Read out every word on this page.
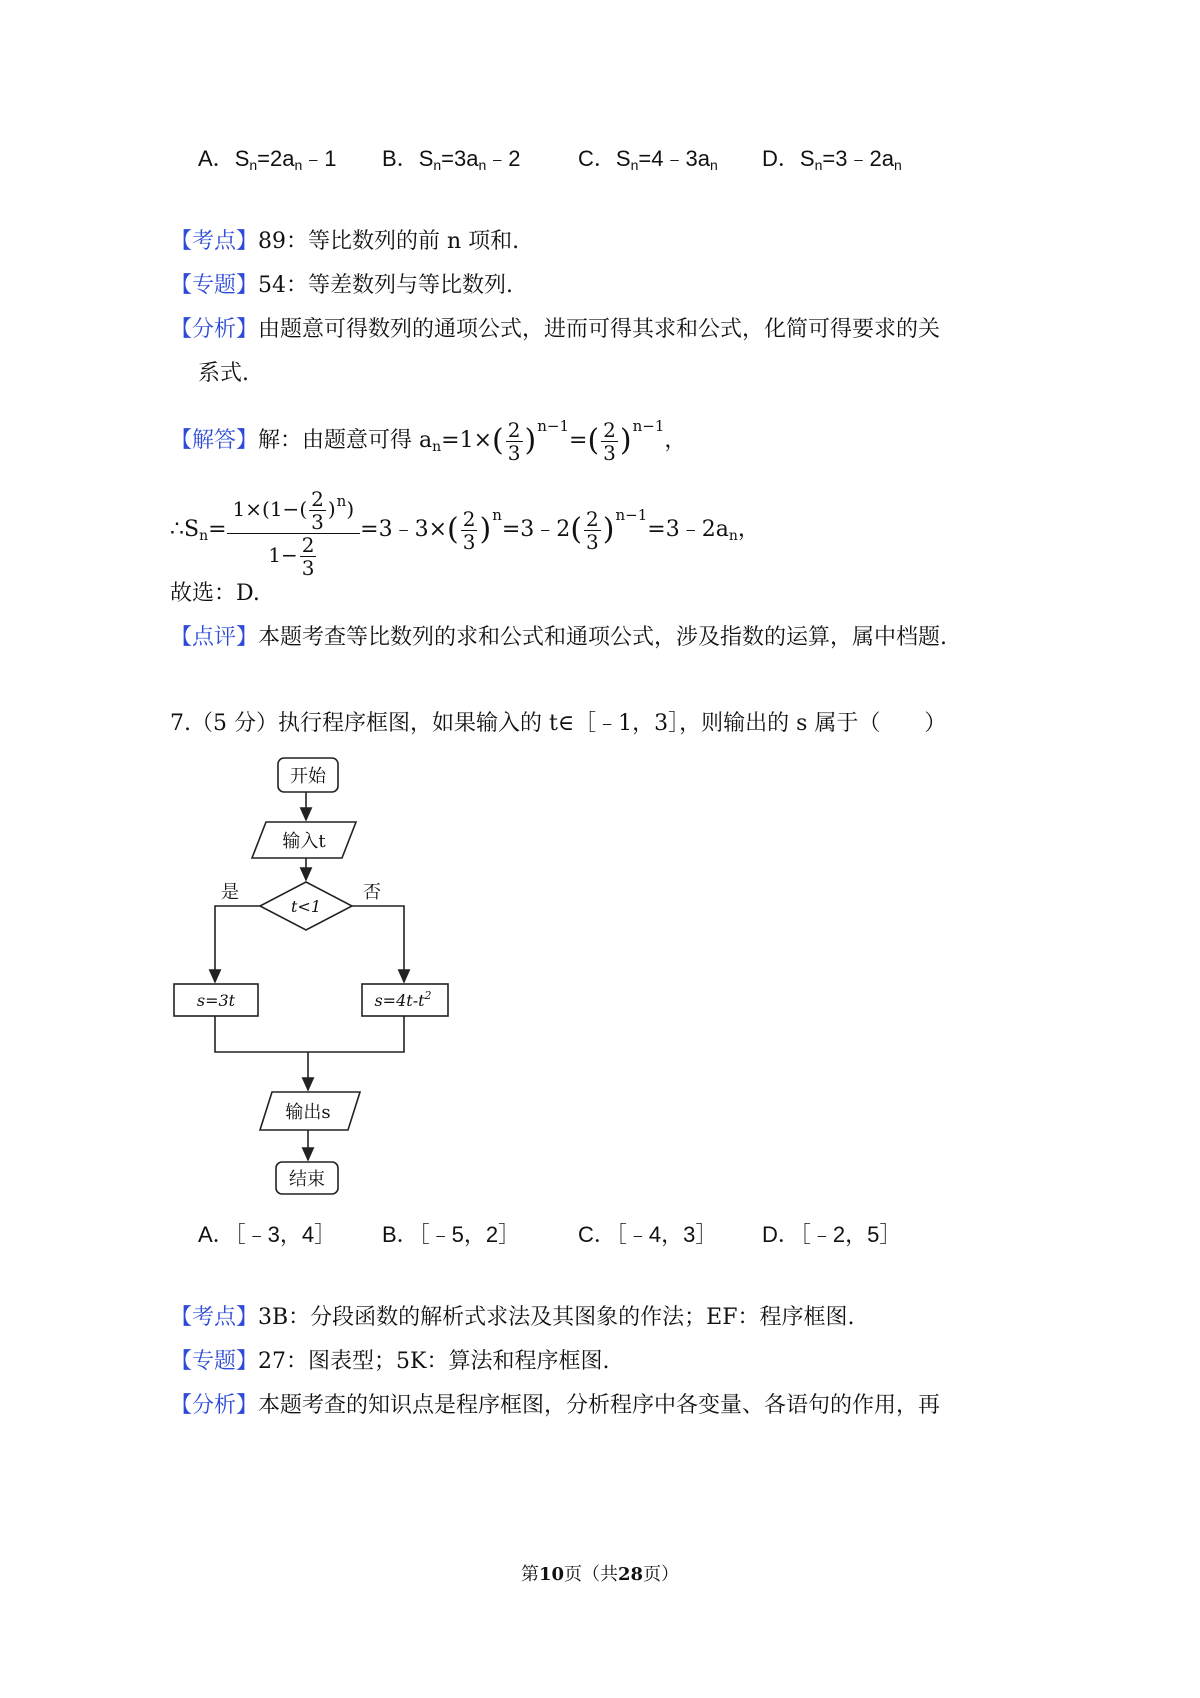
A．$S_n=2a_n﹣1$ B．$S_n=3a_n﹣2$	C．$S_n=4﹣3a_n$ D．$S_n=3﹣2a_n$
【考点】89：等比数列的前 n 项和.
【专题】54：等差数列与等比数列.
【分析】由题意可得数列的通项公式，进而可得其求和公式，化简可得要求的关
系式.
【解答】解：由题意可得 $a_n=1\times( \frac{2}{3} )^{n-1}=( \frac{2}{3} )^{n-1}$，
$\therefore S_n= \frac{1\times(1-( \frac{2}{3} )^n)}{1- \frac{2}{3}}$ =3﹣3×( $\frac{2}{3}$ )$^n$=3﹣2( $\frac{2}{3}$ )$^{n-1}=3﹣2a_n$，
故选：D.
【点评】本题考查等比数列的求和公式和通项公式，涉及指数的运算，属中档题.
7.（5 分）执行程序框图，如果输入的 t∈［﹣1，3］，则输出的 s 属于（　　）
开始
输入t
t<1
是	否
s=3t	$s=4t-t^2$
输出s
结束
A．［﹣3，4］ B．［﹣5，2］	C．［﹣4，3］ D．［﹣2，5］
【考点】3B：分段函数的解析式求法及其图象的作法；EF：程序框图.
【专题】27：图表型；5K：算法和程序框图.
【分析】本题考查的知识点是程序框图，分析程序中各变量、各语句的作用，再
第10页（共28页）
